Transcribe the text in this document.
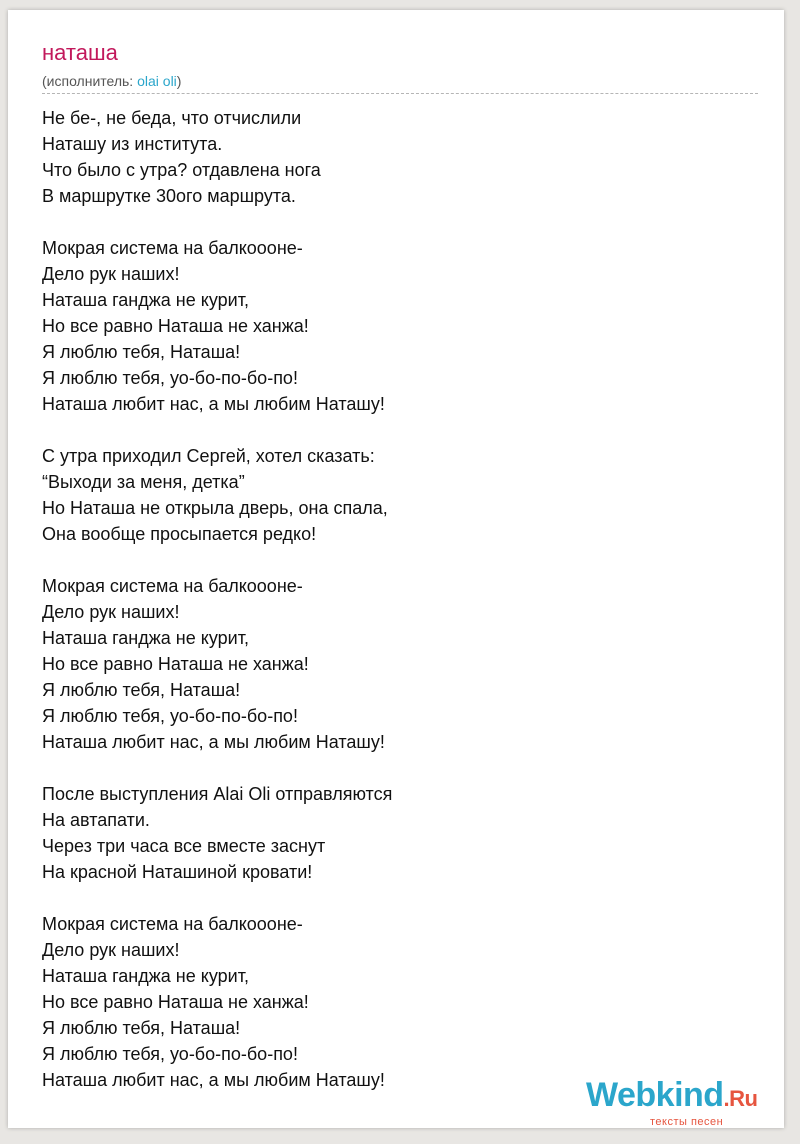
наташа
(исполнитель: olai oli)
Не бе-, не беда, что отчислили
Наташу из института.
Что было с утра? отдавлена нога
В маршрутке 30ого маршрута.
Мокрая система на балкоооне-
Дело рук наших!
Наташа ганджа не курит,
Но все равно Наташа не ханжа!
Я люблю тебя, Наташа!
Я люблю тебя, уо-бо-по-бо-по!
Наташа любит нас, а мы любим Наташу!
С утра приходил Сергей, хотел сказать:
“Выходи за меня, детка”
Но Наташа не открыла дверь, она спала,
Она вообще просыпается редко!
Мокрая система на балкоооне-
Дело рук наших!
Наташа ганджа не курит,
Но все равно Наташа не ханжа!
Я люблю тебя, Наташа!
Я люблю тебя, уо-бо-по-бо-по!
Наташа любит нас, а мы любим Наташу!
После выступления Alai Oli отправляются
На автапати.
Через три часа все вместе заснут
На красной Наташиной кровати!
Мокрая система на балкоооне-
Дело рук наших!
Наташа ганджа не курит,
Но все равно Наташа не ханжа!
Я люблю тебя, Наташа!
Я люблю тебя, уо-бо-по-бо-по!
Наташа любит нас, а мы любим Наташу!	Webkind.Ru
тексты песен
